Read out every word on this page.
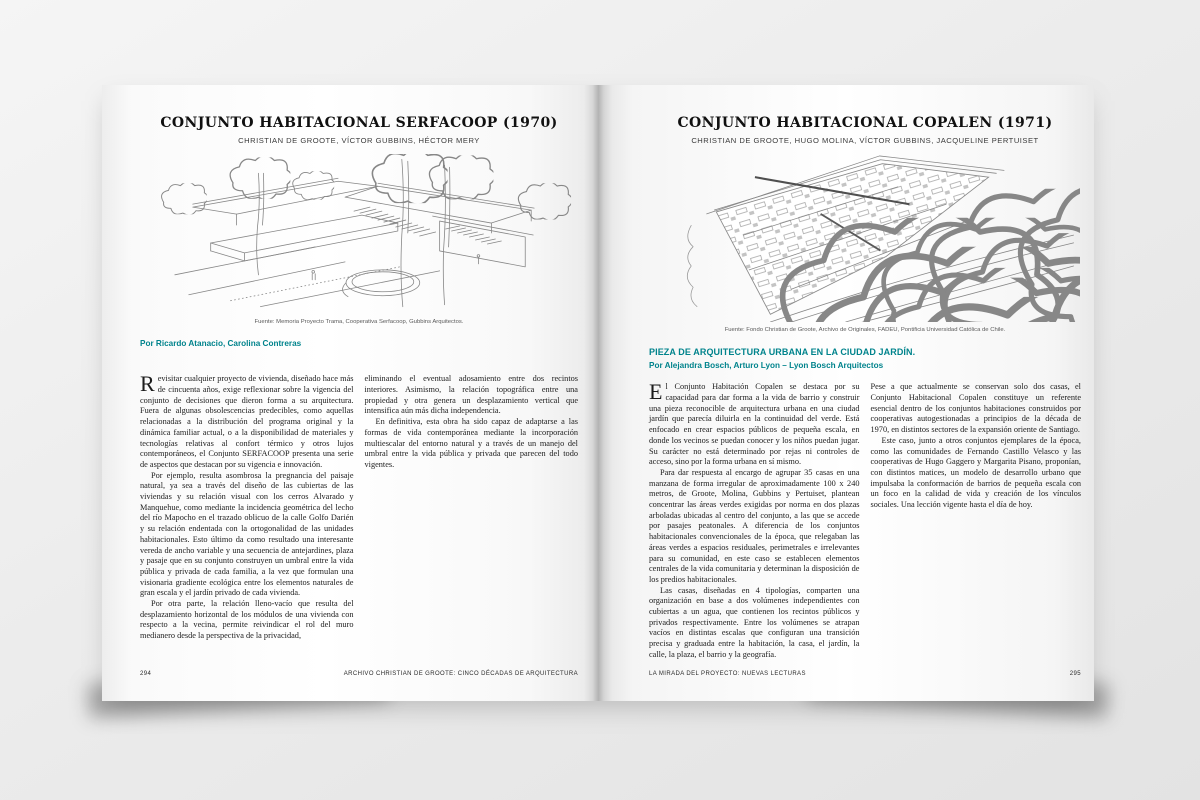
CONJUNTO HABITACIONAL SERFACOOP (1970)
CHRISTIAN DE GROOTE, VÍCTOR GUBBINS, HÉCTOR MERY
Fuente: Memoria Proyecto Trama, Cooperativa Serfacoop, Gubbins Arquitectos.
Por Ricardo Atanacio, Carolina Contreras

Revisitar cualquier proyecto de vivienda, diseñado hace más de cincuenta años, exige reflexionar sobre la vigencia del conjunto de decisiones que dieron forma a su arquitectura. Fuera de algunas obsolescencias predecibles, como aquellas relacionadas a la distribución del programa original y la dinámica familiar actual, o a la disponibilidad de materiales y tecnologías relativas al confort térmico y otros lujos contemporáneos, el Conjunto SERFACOOP presenta una serie de aspectos que destacan por su vigencia e innovación.

Por ejemplo, resulta asombrosa la pregnancia del paisaje natural, ya sea a través del diseño de las cubiertas de las viviendas y su relación visual con los cerros Alvarado y Manquehue, como mediante la incidencia geométrica del lecho del río Mapocho en el trazado oblicuo de la calle Golfo Darién y su relación endentada con la ortogonalidad de las unidades habitacionales. Esto último da como resultado una interesante vereda de ancho variable y una secuencia de antejardines, plaza y pasaje que en su conjunto construyen un umbral entre la vida pública y privada de cada familia, a la vez que formulan una visionaria gradiente ecológica entre los elementos naturales de gran escala y el jardín privado de cada vivienda.

Por otra parte, la relación lleno-vacío que resulta del desplazamiento horizontal de los módulos de una vivienda con respecto a la vecina, permite reivindicar el rol del muro medianero desde la perspectiva de la privacidad,

eliminando el eventual adosamiento entre dos recintos interiores. Asimismo, la relación topográfica entre una propiedad y otra genera un desplazamiento vertical que intensifica aún más dicha independencia.

En definitiva, esta obra ha sido capaz de adaptarse a las formas de vida contemporánea mediante la incorporación multiescalar del entorno natural y a través de un manejo del umbral entre la vida pública y privada que parecen del todo vigentes.

294	ARCHIVO CHRISTIAN DE GROOTE: CINCO DÉCADAS DE ARQUITECTURA
CONJUNTO HABITACIONAL COPALEN (1971)
CHRISTIAN DE GROOTE, HUGO MOLINA, VÍCTOR GUBBINS, JACQUELINE PERTUISET
Fuente: Fondo Christian de Groote, Archivo de Originales, FADEU, Pontificia Universidad Católica de Chile.
PIEZA DE ARQUITECTURA URBANA EN LA CIUDAD JARDÍN.
Por Alejandra Bosch, Arturo Lyon – Lyon Bosch Arquitectos

El Conjunto Habitación Copalen se destaca por su capacidad para dar forma a la vida de barrio y construir una pieza reconocible de arquitectura urbana en una ciudad jardín que parecía diluirla en la continuidad del verde. Está enfocado en crear espacios públicos de pequeña escala, en donde los vecinos se puedan conocer y los niños puedan jugar. Su carácter no está determinado por rejas ni controles de acceso, sino por la forma urbana en sí mismo.

Para dar respuesta al encargo de agrupar 35 casas en una manzana de forma irregular de aproximadamente 100 x 240 metros, de Groote, Molina, Gubbins y Pertuiset, plantean concentrar las áreas verdes exigidas por norma en dos plazas arboladas ubicadas al centro del conjunto, a las que se accede por pasajes peatonales. A diferencia de los conjuntos habitacionales convencionales de la época, que relegaban las áreas verdes a espacios residuales, perimetrales e irrelevantes para su comunidad, en este caso se establecen elementos centrales de la vida comunitaria y determinan la disposición de los predios habitacionales.

Las casas, diseñadas en 4 tipologías, comparten una organización en base a dos volúmenes independientes con cubiertas a un agua, que contienen los recintos públicos y privados respectivamente. Entre los volúmenes se atrapan vacíos en distintas escalas que configuran una transición precisa y graduada entre la habitación, la casa, el jardín, la calle, la plaza, el barrio y la geografía.

Pese a que actualmente se conservan solo dos casas, el Conjunto Habitacional Copalen constituye un referente esencial dentro de los conjuntos habitaciones construidos por cooperativas autogestionadas a principios de la década de 1970, en distintos sectores de la expansión oriente de Santiago.

Este caso, junto a otros conjuntos ejemplares de la época, como las comunidades de Fernando Castillo Velasco y las cooperativas de Hugo Gaggero y Margarita Pisano, proponían, con distintos matices, un modelo de desarrollo urbano que impulsaba la conformación de barrios de pequeña escala con un foco en la calidad de vida y creación de los vínculos sociales. Una lección vigente hasta el día de hoy.

LA MIRADA DEL PROYECTO: NUEVAS LECTURAS	295
